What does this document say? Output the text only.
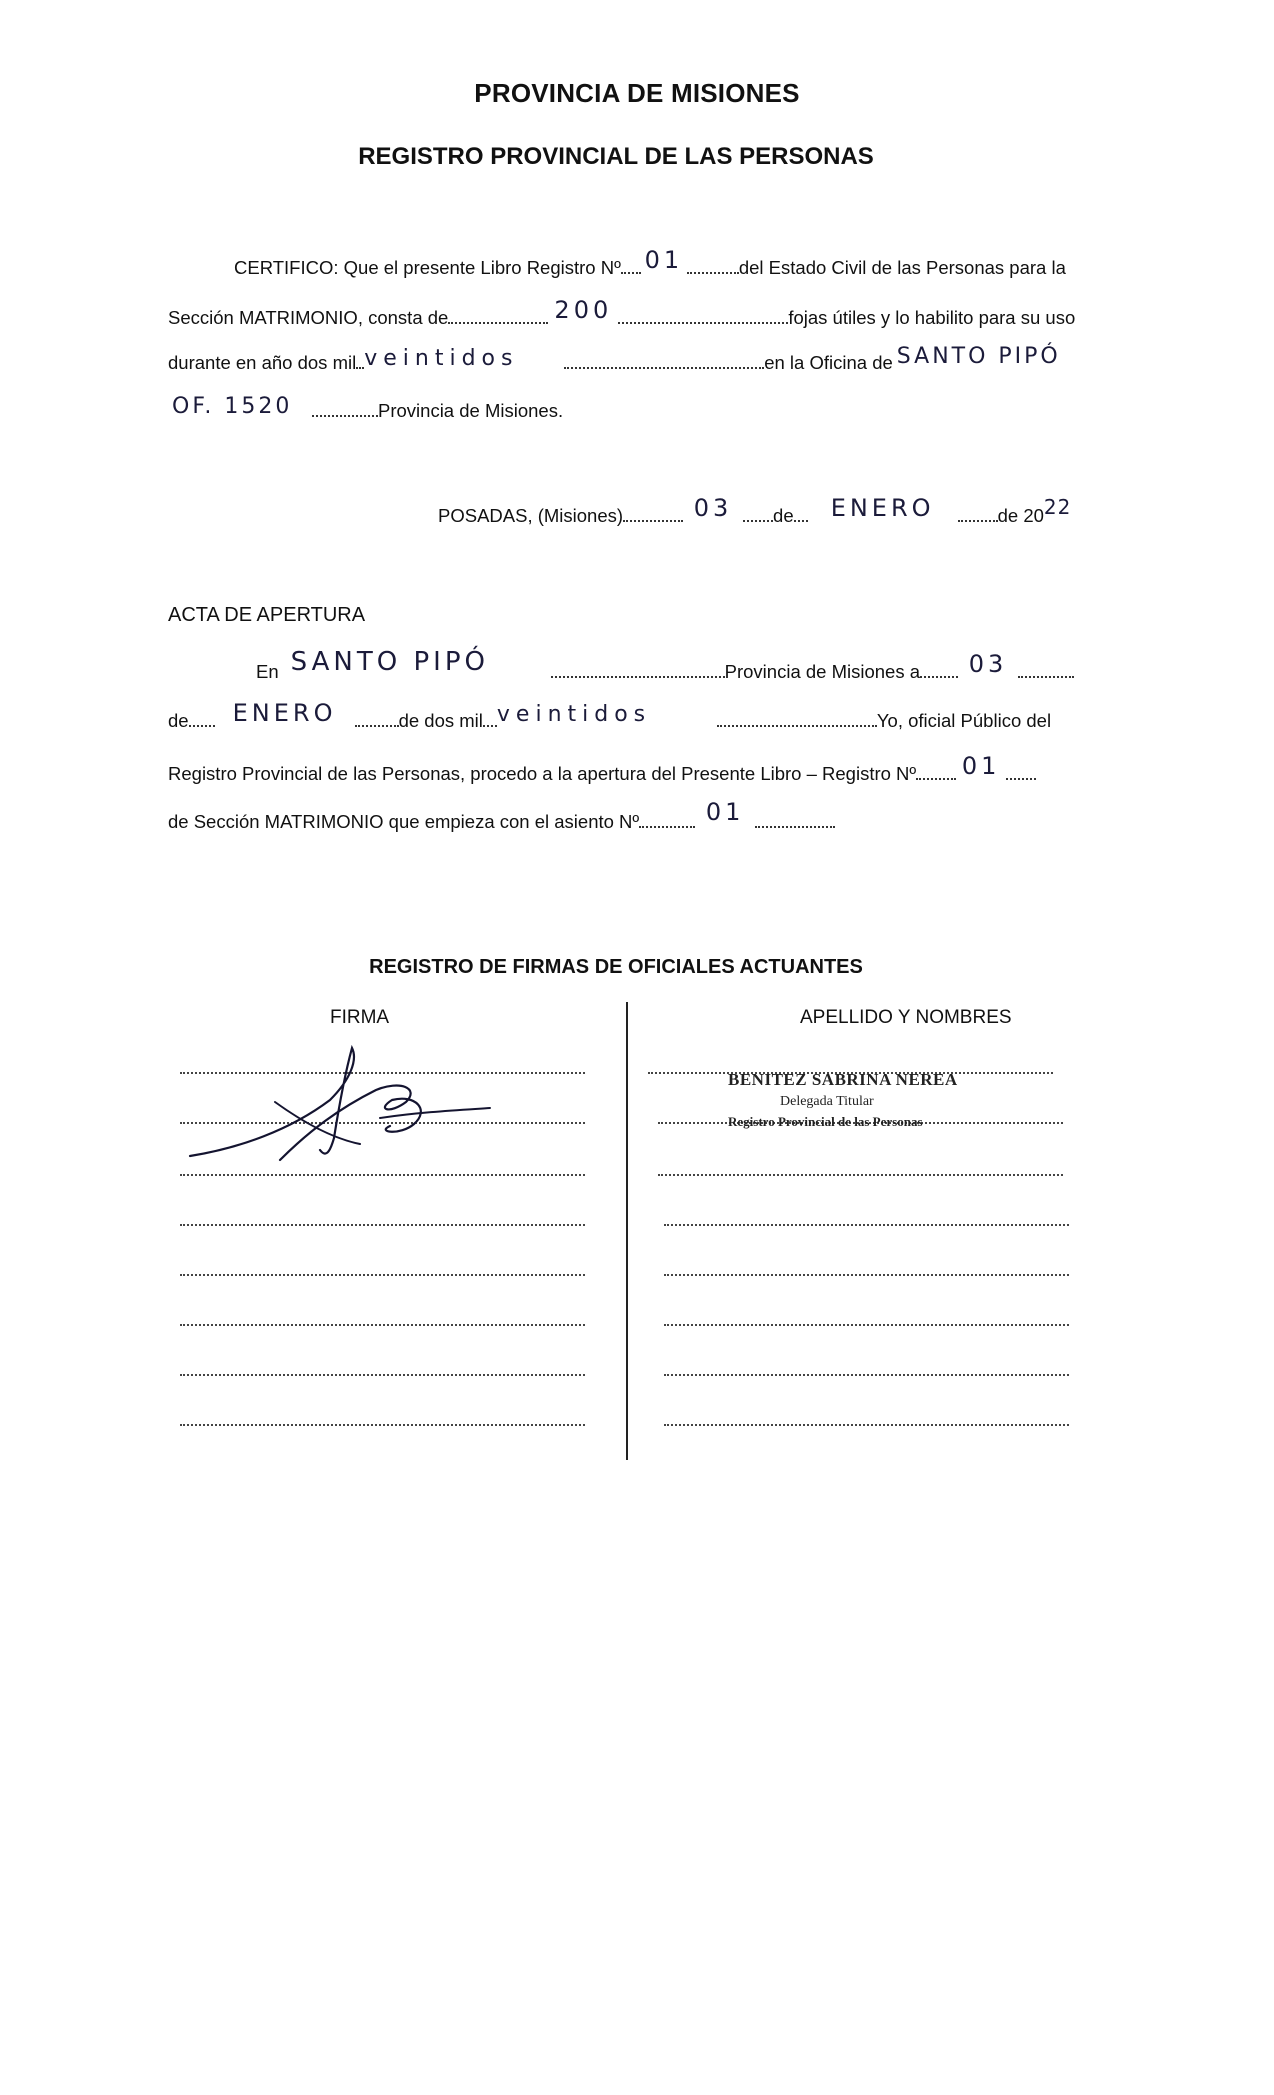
PROVINCIA DE MISIONES
REGISTRO PROVINCIAL DE LAS PERSONAS
CERTIFICO: Que el presente Libro Registro Nº 01	del Estado Civil de las Personas para la
Sección MATRIMONIO, consta de	200	fojas útiles y lo habilito para su uso
durante en año dos mil veintidos	en la Oficina de SANTO PIPÓ
OF. 1520	Provincia de Misiones.
POSADAS, (Misiones)	03 de ENERO	de 2022
ACTA DE APERTURA
En SANTO PIPÓ	Provincia de Misiones a 03
de ENERO	de dos mil veintidos	Yo, oficial Público del
Registro Provincial de las Personas, procedo a la apertura del Presente Libro – Registro Nº 01
de Sección MATRIMONIO que empieza con el asiento Nº	01
REGISTRO DE FIRMAS DE OFICIALES ACTUANTES
FIRMA	APELLIDO Y NOMBRES
BENITEZ SABRINA NEREA
Delegada Titular
Registro Provincial de las Personas
